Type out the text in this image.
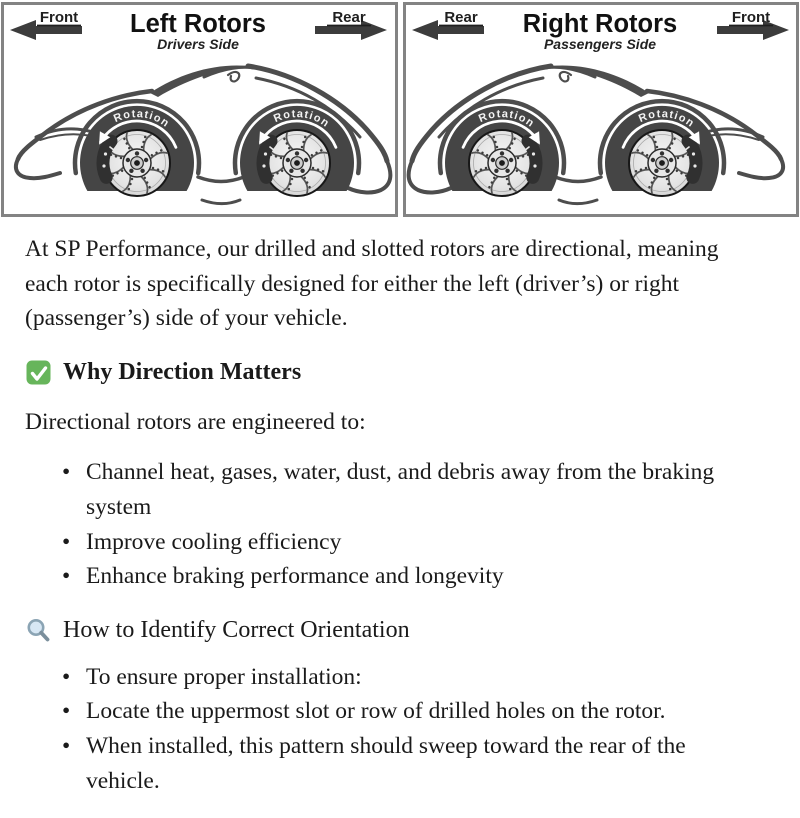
Front Left Rotors
Drivers Side
Rear
Rotation	Rotation
Rear Right Rotors
Passengers Side
Front
Rotation	Rotation

At SP Performance, our drilled and slotted rotors are directional, meaning each rotor is specifically designed for either the left (driver’s) or right (passenger’s) side of your vehicle.

Why Direction Matters

Directional rotors are engineered to:

• Channel heat, gases, water, dust, and debris away from the braking system
• Improve cooling efficiency
• Enhance braking performance and longevity
How to Identify Correct Orientation
• To ensure proper installation:
• Locate the uppermost slot or row of drilled holes on the rotor.
• When installed, this pattern should sweep toward the rear of the vehicle.
